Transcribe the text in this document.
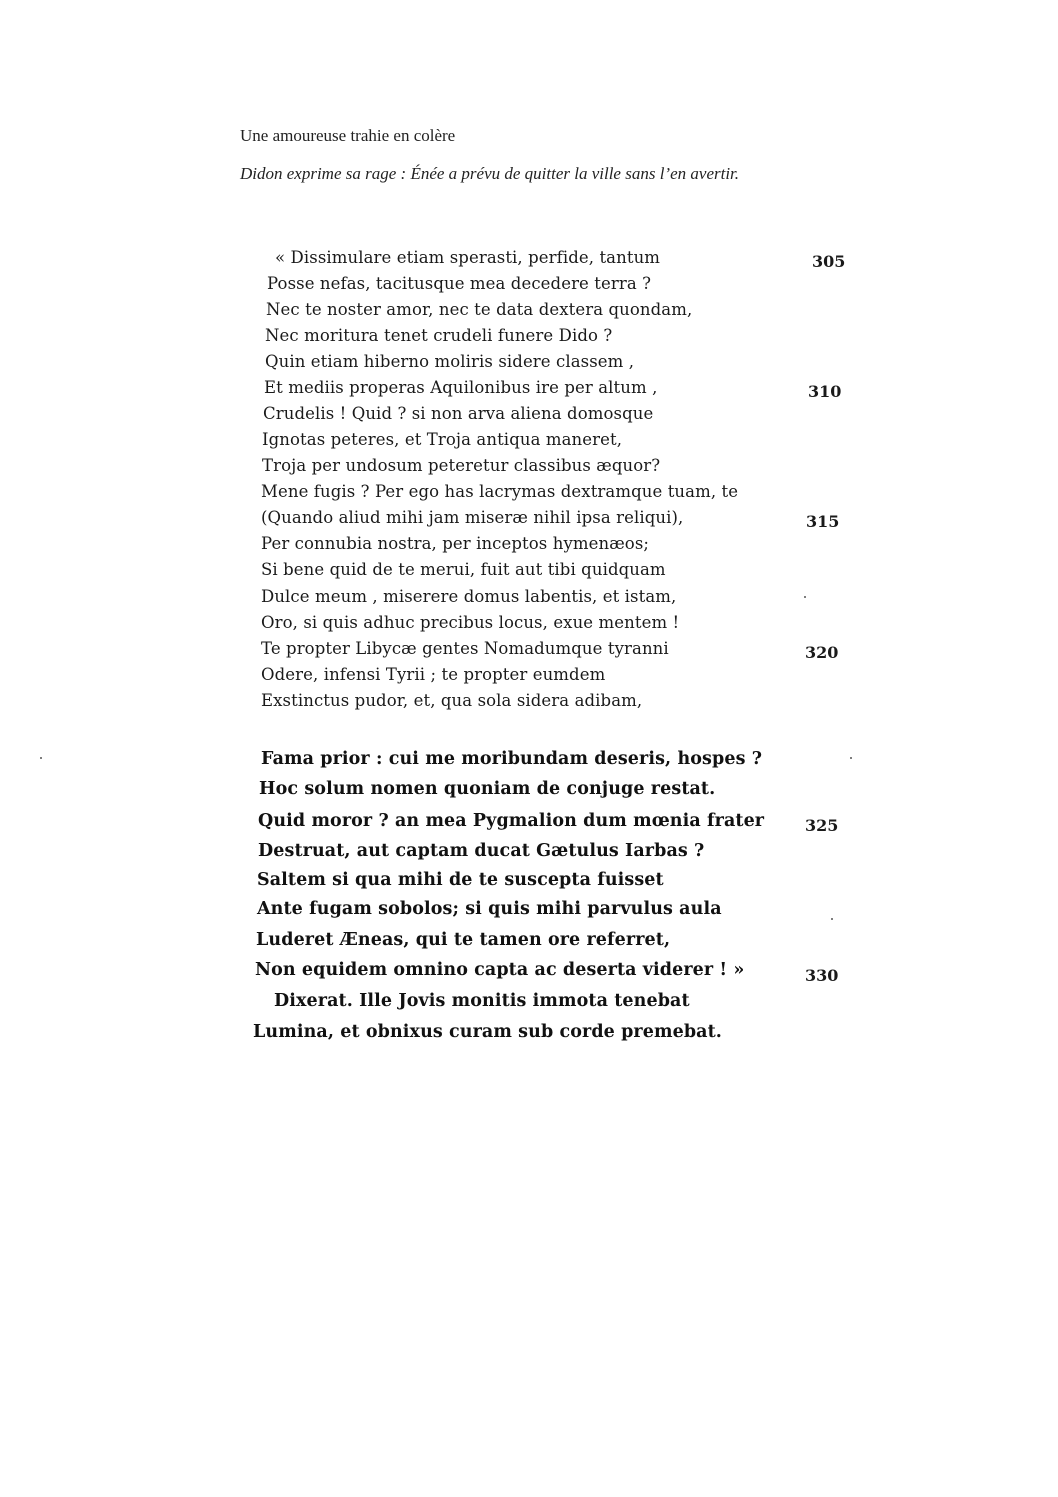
Une amoureuse trahie en colère
Didon exprime sa rage : Énée a prévu de quitter la ville sans l’en avertir.
« Dissimulare etiam sperasti, perfide, tantum
Posse nefas, tacitusque mea decedere terra ?
Nec te noster amor, nec te data dextera quondam,
Nec moritura tenet crudeli funere Dido ?
Quin etiam hiberno moliris sidere classem ,
Et mediis properas Aquilonibus ire per altum ,
Crudelis ! Quid ? si non arva aliena domosque
Ignotas peteres, et Troja antiqua maneret,
Troja per undosum peteretur classibus æquor?
Mene fugis ? Per ego has lacrymas dextramque tuam, te
(Quando aliud mihi jam miseræ nihil ipsa reliqui),
Per connubia nostra, per inceptos hymenæos;
Si bene quid de te merui, fuit aut tibi quidquam
Dulce meum , miserere domus labentis, et istam,
Oro, si quis adhuc precibus locus, exue mentem !
Te propter Libycæ gentes Nomadumque tyranni
Odere, infensi Tyrii ; te propter eumdem
Exstinctus pudor, et, qua sola sidera adibam,
Fama prior : cui me moribundam deseris, hospes ?
Hoc solum nomen quoniam de conjuge restat.
Quid moror ? an mea Pygmalion dum mœnia frater
Destruat, aut captam ducat Gætulus Iarbas ?
Saltem si qua mihi de te suscepta fuisset
Ante fugam sobolos; si quis mihi parvulus aula
Luderet Æneas, qui te tamen ore referret,
Non equidem omnino capta ac deserta viderer ! »
Dixerat. Ille Jovis monitis immota tenebat
Lumina, et obnixus curam sub corde premebat.
305
310
315
320
325
330
